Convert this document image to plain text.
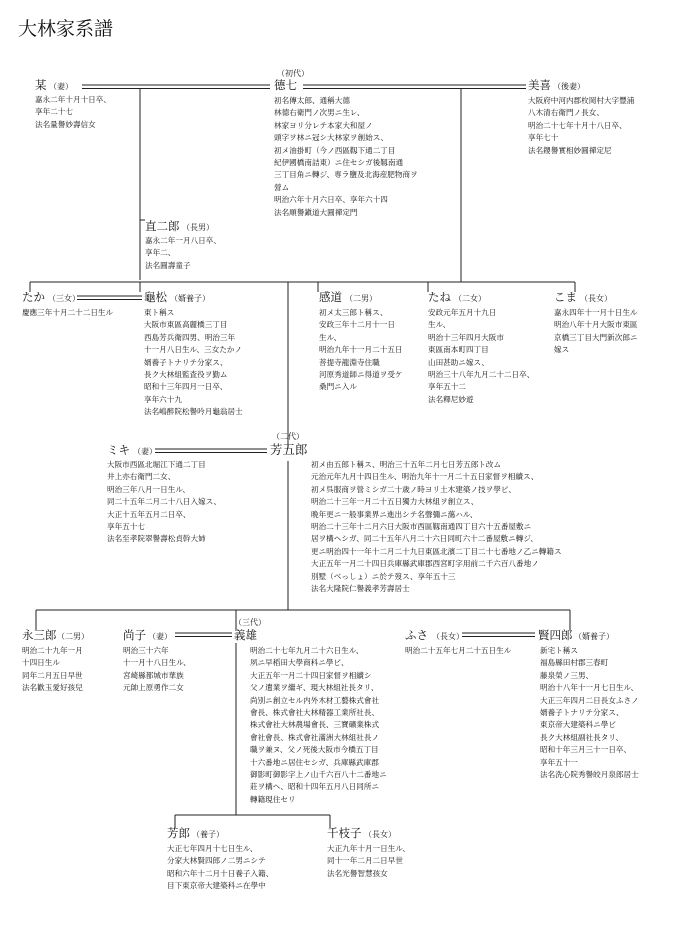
大林家系譜
某 （妻）
嘉永二年十月十日卒、
享年二十七
法名量譽妙壽信女
（初代）
德七
初名傳太郎、通稱大德
林德右衛門ノ次男ニ生レ、
林家ヨリ分レテ本家大和屋ノ
頭字ヲ林ニ冠シ大林家ヲ創始ス、
初メ油掛町（今ノ西區靱下通二丁目
紀伊國橋南詰東）ニ住セシガ後靱南通
三丁目角ニ轉ジ、専ラ鹽及北海産肥物商ヲ
營ム
明治六年十月六日卒、享年六十四
法名順譽鎭道大圓禪定門
美喜 （後妻）
大阪府中河内郡枚岡村大字豐浦
八木清右衛門ノ長女、
明治二十七年十月十八日卒、
享年七十
法名鑁譽實相妙圓禪定尼
直二郎 （長男）
嘉永二年一月八日卒、
享年二、
法名圓壽童子
たか （三女）
慶應三年十月二十二日生ル
龜松 （婿養子）
東ト稱ス
大阪市東區高麗橋三丁目
西島芳兵衛四男、明治三年
十一月八日生ル、三女たかノ
婿養子トナリテ分家ス、
長ク大林組監査役ヲ勤ム
昭和十三年四月一日卒、
享年六十九
法名嶋醉院松譽吟月龜翁居士
感道 （二男）
初メ太三郎ト稱ス、
安政三年十二月十一日
生ル、
明治九年十一月二十五日
菩提寺龍淵寺住職
河原秀道師ニ得道ヲ受ケ
桑門ニ入ル
たね （二女）
安政元年五月十九日
生ル、
明治十三年四月大阪市
東區南本町四丁目
山田甚助ニ嫁ス、
明治三十八年九月二十二日卒、
享年五十二
法名釋尼妙遊
こま （長女）
嘉永四年十一月十日生ル
明治八年十月大阪市東區
京橋三丁目大門新次郎ニ
嫁ス
ミキ （妻）
大阪市西區北堀江下通二丁目
井上亦右衛門二女、
明治三年八月一日生ル、
同二十五年二月二十八日入嫁ス、
大正十五年五月二日卒、
享年五十七
法名至孝院翠譽壽松貞幹大姉
（二代）
芳五郎
初メ由五郎ト稱ス、明治三十五年二月七日芳五郎ト改ム
元治元年九月十四日生ル、明治九年十一月二十五日家督ヲ相續ス、
初メ呉服商ヲ營ミシガ二十歳ノ時ヨリ土木建築ノ技ヲ學ビ、
明治二十三年一月二十五日獨力大林組ヲ創立ス、
晩年更ニ一般事業界ニ進出シテ名聲彌ニ藹ハル、
明治二十三年十二月六日大阪市西區靱南通四丁目六十五番屋敷ニ
居ヲ構ヘシガ、同二十五年八月二十六日同町六十二番屋敷ニ轉ジ、
更ニ明治四十一年十二月二十九日東區北濱二丁目二十七番地ノ乙ニ轉籍ス
大正五年一月二十四日兵庫縣武庫郡西宮町字用前二千六百八番地ノ
別墅（べっしょ）ニ於テ歿ス、享年五十三
法名大隆院仁譽義孝芳壽居士
永三郎 （二男）
明治二十九年一月
十四日生ル
同年二月五日早世
法名歡玉愛好孩兒
尚子 （妻）
明治三十六年
十一月十八日生ル、
宮崎縣都城市華族
元帥上原勇作二女
（三代）
義雄
明治二十七年九月二十六日生ル、
夙ニ早稻田大學商科ニ學ビ、
大正五年一月二十四日家督ヲ相續シ
父ノ遺業ヲ繼ギ、現大林組社長タリ、
尚別ニ創立セル内外木材工藝株式會社
會長、株式會社大林精器工業所社長、
株式會社大林農場會長、三寶礦業株式
會社會長、株式會社滿洲大林組社長ノ
職ヲ兼ヌ、父ノ死後大阪市今橋五丁目
十六番地ニ居住セシガ、兵庫縣武庫郡
御影町御影字上ノ山千六百八十二番地ニ
莊ヲ構ヘ、昭和十四年五月八日同所ニ
轉籍現住セリ
ふさ （長女）
明治二十五年七月二十五日生ル
賢四郎 （婿養子）
新宅ト稱ス
福島縣田村郡三春町
藤泉榮ノ三男、
明治十八年十一月七日生ル、
大正三年四月二日長女ふさノ
婿養子トナリテ分家ス、
東京帝大建築科ニ學ビ
長ク大林組副社長タリ、
昭和十年三月三十一日卒、
享年五十一
法名洗心院秀譽皎月泉郎居士
芳郎 （養子）
大正七年四月十七日生ル、
分家大林賢四郎ノ二男ニシテ
昭和六年十二月十日養子入籍、
目下東京帝大建築科ニ在學中
千枝子 （長女）
大正九年十月一日生ル、
同十一年二月二日早世
法名光譽智慧孩女
